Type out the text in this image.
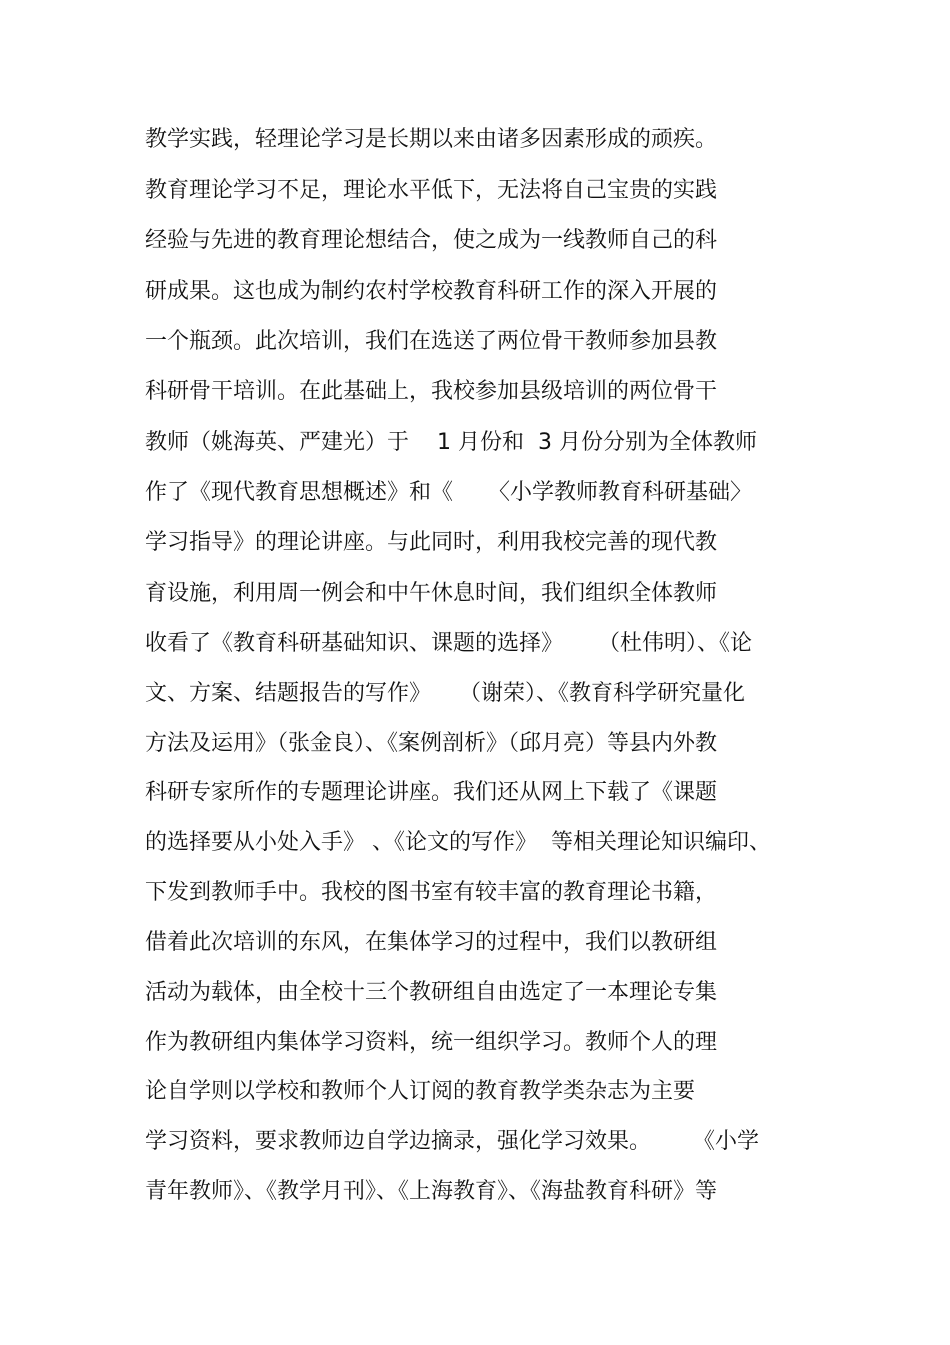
教学实践，轻理论学习是长期以来由诸多因素形成的顽疾。
教育理论学习不足，理论水平低下，无法将自己宝贵的实践
经验与先进的教育理论想结合，使之成为一线教师自己的科
研成果。这也成为制约农村学校教育科研工作的深入开展的
一个瓶颈。此次培训，我们在选送了两位骨干教师参加县教
科研骨干培训。在此基础上，我校参加县级培训的两位骨干
教师（姚海英、严建光）于    1 月份和  3 月份分别为全体教师
作了《现代教育思想概述》和《     〈小学教师教育科研基础〉
学习指导》的理论讲座。与此同时，利用我校完善的现代教
育设施，利用周一例会和中午休息时间，我们组织全体教师
收看了《教育科研基础知识、课题的选择》     （杜伟明）、《论
文、方案、结题报告的写作》    （谢荣）、《教育科学研究量化
方法及运用》（张金良）、《案例剖析》（邱月亮）等县内外教
科研专家所作的专题理论讲座。我们还从网上下载了《课题
的选择要从小处入手》 、《论文的写作》  等相关理论知识编印、
下发到教师手中。我校的图书室有较丰富的教育理论书籍，
借着此次培训的东风，在集体学习的过程中，我们以教研组
活动为载体，由全校十三个教研组自由选定了一本理论专集
作为教研组内集体学习资料，统一组织学习。教师个人的理
论自学则以学校和教师个人订阅的教育教学类杂志为主要
学习资料，要求教师边自学边摘录，强化学习效果。      《小学
青年教师》、《教学月刊》、《上海教育》、《海盐教育科研》等
